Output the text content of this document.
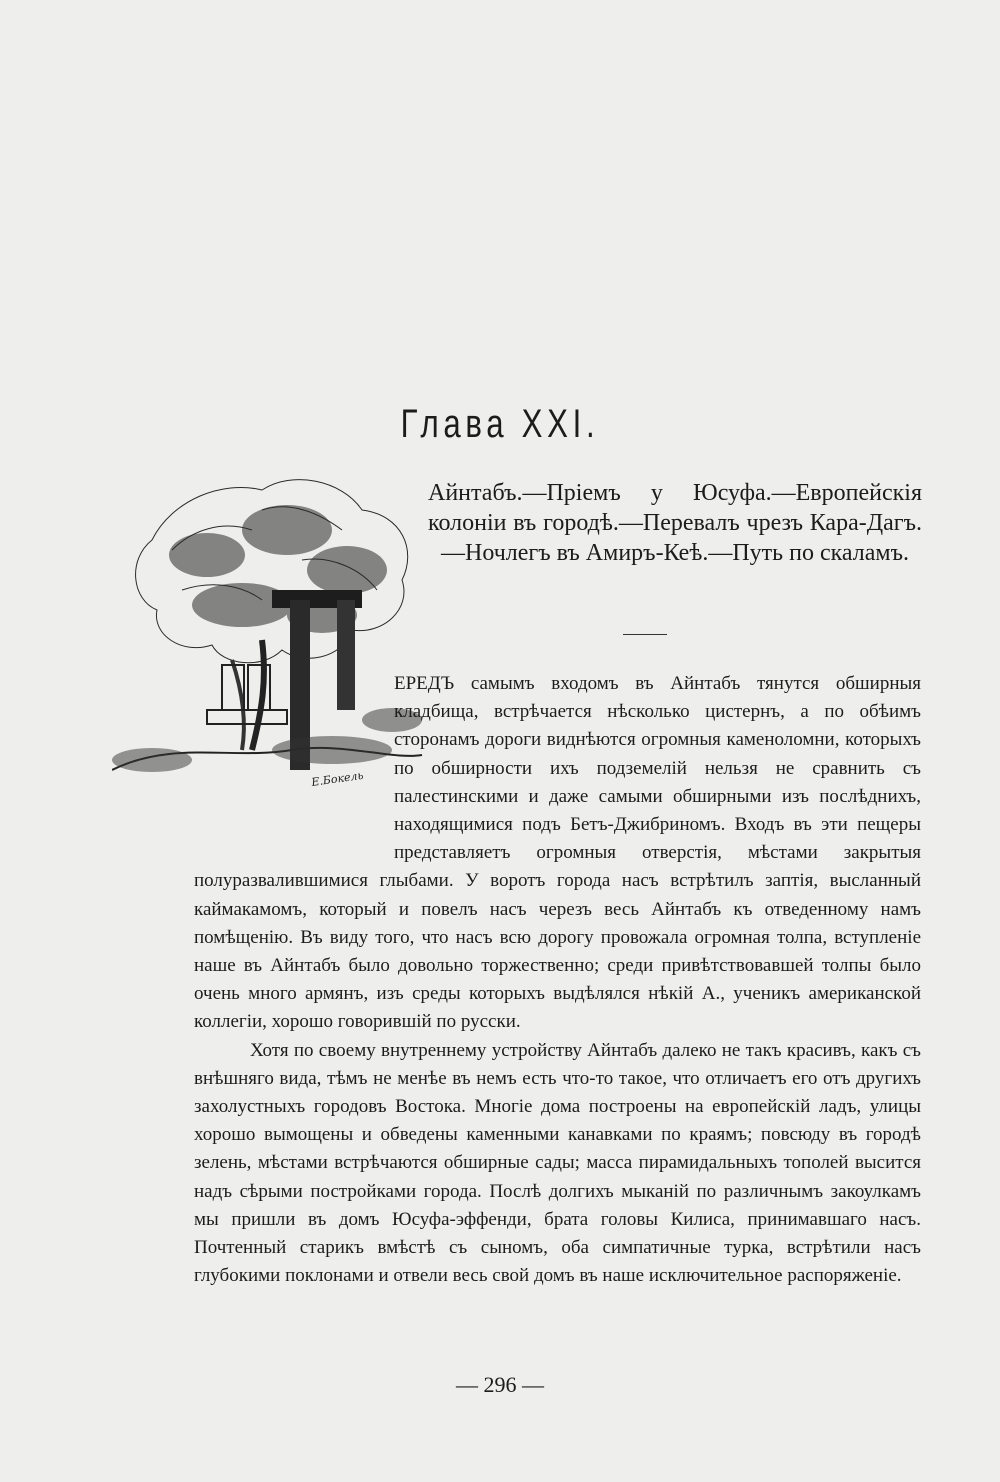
Глава XXI.
Айнтабъ.—Пріемъ у Юсуфа.—Европейскія колоніи въ городѣ.—Перевалъ чрезъ Кара-Дагъ.—Ночлегъ въ Амиръ-Кеѣ.—Путь по скаламъ.
Е.Бокель

ЕРЕДЪ самымъ входомъ въ Айнтабъ тянутся обширныя кладбища, встрѣчается нѣсколько цистернъ, а по обѣимъ сторонамъ дороги виднѣются огромныя каменоломни, которыхъ по обширности ихъ подземелій нельзя не сравнить съ палестинскими и даже самыми обширными изъ послѣднихъ, находящимися подъ Бетъ-Джибриномъ. Входъ въ эти пещеры представляетъ огромныя отверстія, мѣстами закрытыя полуразвалившимися глыбами. У воротъ города насъ встрѣтилъ заптія, высланный каймакамомъ, который и повелъ насъ черезъ весь Айнтабъ къ отведенному намъ помѣщенію. Въ виду того, что насъ всю дорогу провожала огромная толпа, вступленіе наше въ Айнтабъ было довольно торжественно; среди привѣтствовавшей толпы было очень много армянъ, изъ среды которыхъ выдѣлялся нѣкій А., ученикъ американской коллегіи, хорошо говорившій по русски.

Хотя по своему внутреннему устройству Айнтабъ далеко не такъ красивъ, какъ съ внѣшняго вида, тѣмъ не менѣе въ немъ есть что-то такое, что отличаетъ его отъ другихъ захолустныхъ городовъ Востока. Многіе дома построены на европейскій ладъ, улицы хорошо вымощены и обведены каменными канавками по краямъ; повсюду въ городѣ зелень, мѣстами встрѣчаются обширные сады; масса пирамидальныхъ тополей высится надъ сѣрыми постройками города. Послѣ долгихъ мыканій по различнымъ закоулкамъ мы пришли въ домъ Юсуфа-эффенди, брата головы Килиса, принимавшаго насъ. Почтенный старикъ вмѣстѣ съ сыномъ, оба симпатичные турка, встрѣтили насъ глубокими поклонами и отвели весь свой домъ въ наше исключительное распоряженіе.

— 296 —
